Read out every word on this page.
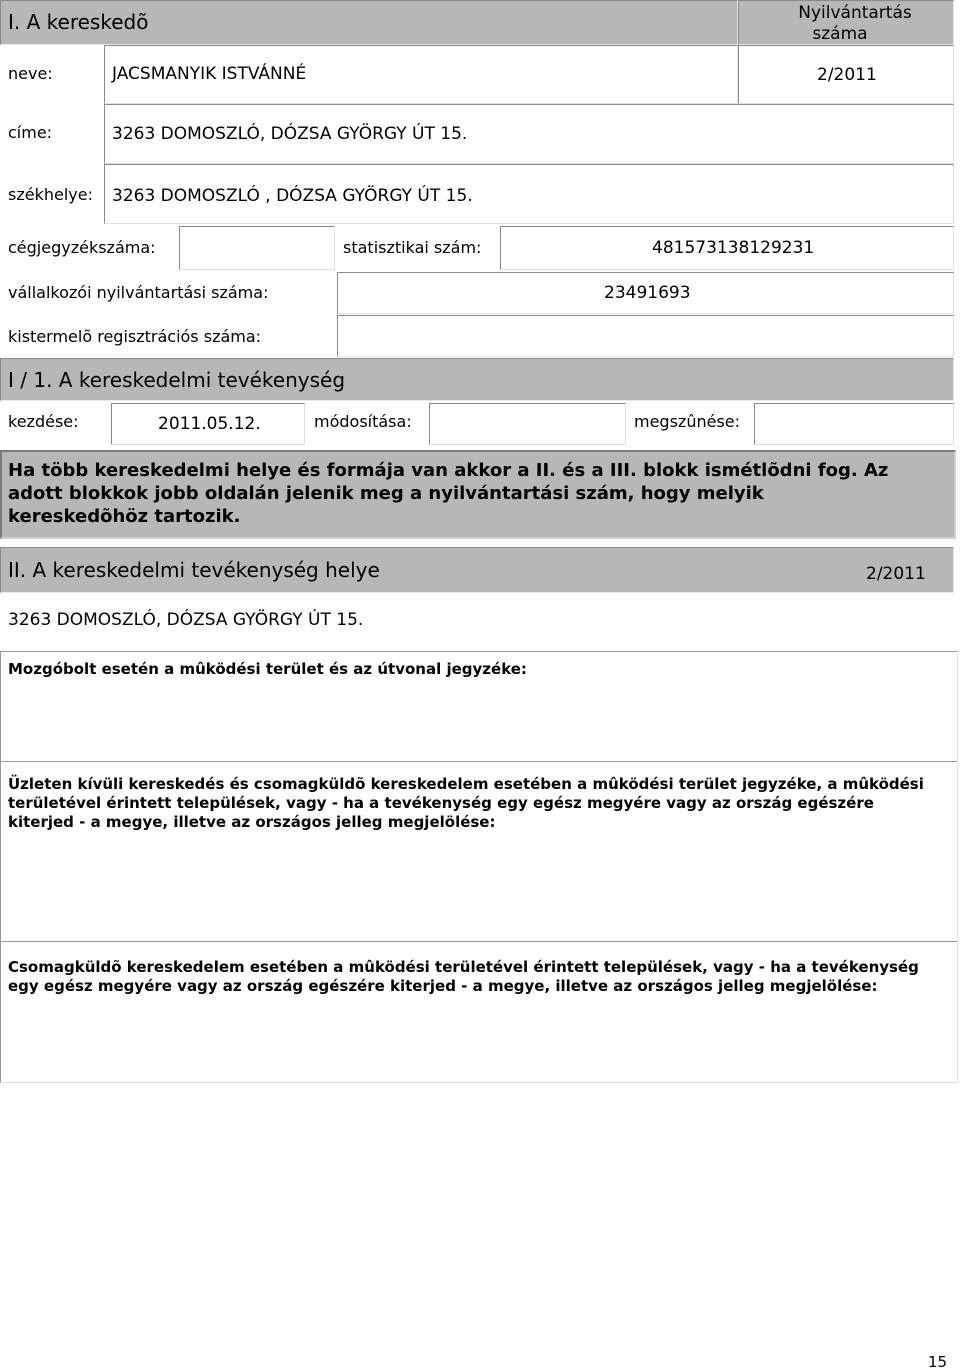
I. A kereskedõ	Nyilvántartás
száma
neve:	JACSMANYIK ISTVÁNNÉ	2/2011
címe:	3263 DOMOSZLÓ, DÓZSA GYÖRGY ÚT 15.
székhelye: 3263 DOMOSZLÓ , DÓZSA GYÖRGY ÚT 15.
cégjegyzékszáma:	statisztikai szám:	481573138129231
vállalkozói nyilvántartási száma:	23491693
kistermelõ regisztrációs száma:
I / 1. A kereskedelmi tevékenység
kezdése:	2011.05.12.	módosítása:	megszûnése:
Ha több kereskedelmi helye és formája van akkor a II. és a III. blokk ismétlõdni fog. Az adott blokkok jobb oldalán jelenik meg a nyilvántartási szám, hogy melyik kereskedõhöz tartozik.
II. A kereskedelmi tevékenység helye	2/2011
3263 DOMOSZLÓ, DÓZSA GYÖRGY ÚT 15.
Mozgóbolt esetén a mûködési terület és az útvonal jegyzéke:
Üzleten kívüli kereskedés és csomagküldõ kereskedelem esetében a mûködési terület jegyzéke, a mûködési területével érintett települések, vagy - ha a tevékenység egy egész megyére vagy az ország egészére kiterjed - a megye, illetve az országos jelleg megjelölése:
Csomagküldõ kereskedelem esetében a mûködési területével érintett települések, vagy - ha a tevékenység egy egész megyére vagy az ország egészére kiterjed - a megye, illetve az országos jelleg megjelölése:
15
